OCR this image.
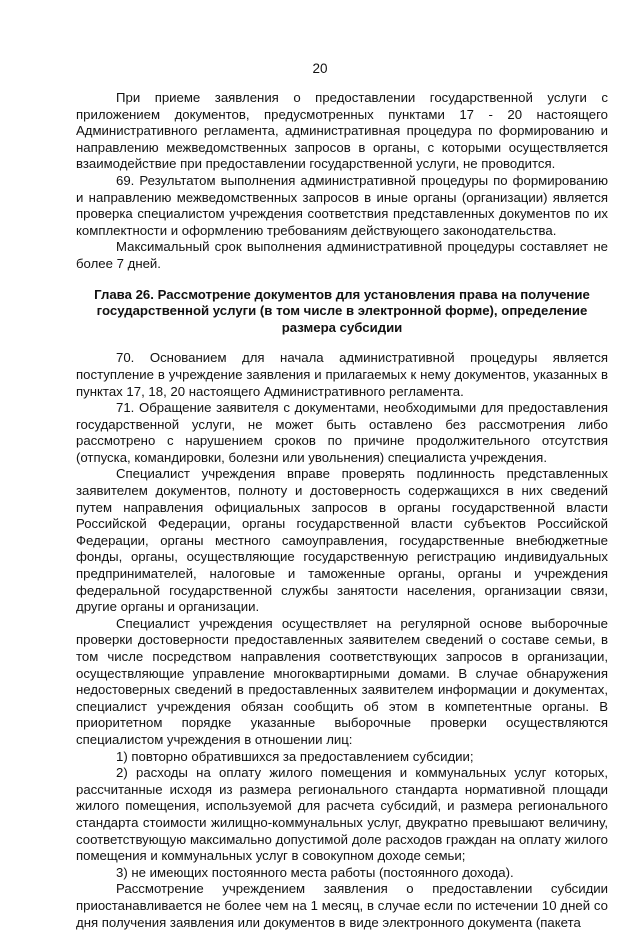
20

При приеме заявления о предоставлении государственной услуги с приложением документов, предусмотренных пунктами 17 - 20 настоящего Административного регламента, административная процедура по формированию и направлению межведомственных запросов в органы, с которыми осуществляется взаимодействие при предоставлении государственной услуги, не проводится.

69. Результатом выполнения административной процедуры по формированию и направлению межведомственных запросов в иные органы (организации) является проверка специалистом учреждения соответствия представленных документов по их комплектности и оформлению требованиям действующего законодательства.

Максимальный срок выполнения административной процедуры составляет не более 7 дней.

Глава 26. Рассмотрение документов для установления права на получение государственной услуги (в том числе в электронной форме), определение размера субсидии

70. Основанием для начала административной процедуры является поступление в учреждение заявления и прилагаемых к нему документов, указанных в пунктах 17, 18, 20 настоящего Административного регламента.

71. Обращение заявителя с документами, необходимыми для предоставления государственной услуги, не может быть оставлено без рассмотрения либо рассмотрено с нарушением сроков по причине продолжительного отсутствия (отпуска, командировки, болезни или увольнения) специалиста учреждения.

Специалист учреждения вправе проверять подлинность представленных заявителем документов, полноту и достоверность содержащихся в них сведений путем направления официальных запросов в органы государственной власти Российской Федерации, органы государственной власти субъектов Российской Федерации, органы местного самоуправления, государственные внебюджетные фонды, органы, осуществляющие государственную регистрацию индивидуальных предпринимателей, налоговые и таможенные органы, органы и учреждения федеральной государственной службы занятости населения, организации связи, другие органы и организации.

Специалист учреждения осуществляет на регулярной основе выборочные проверки достоверности предоставленных заявителем сведений о составе семьи, в том числе посредством направления соответствующих запросов в организации, осуществляющие управление многоквартирными домами. В случае обнаружения недостоверных сведений в предоставленных заявителем информации и документах, специалист учреждения обязан сообщить об этом в компетентные органы. В приоритетном порядке указанные выборочные проверки осуществляются специалистом учреждения в отношении лиц:

1) повторно обратившихся за предоставлением субсидии;

2) расходы на оплату жилого помещения и коммунальных услуг которых, рассчитанные исходя из размера регионального стандарта нормативной площади жилого помещения, используемой для расчета субсидий, и размера регионального стандарта стоимости жилищно-коммунальных услуг, двукратно превышают величину, соответствующую максимально допустимой доле расходов граждан на оплату жилого помещения и коммунальных услуг в совокупном доходе семьи;

3) не имеющих постоянного места работы (постоянного дохода).

Рассмотрение учреждением заявления о предоставлении субсидии приостанавливается не более чем на 1 месяц, в случае если по истечении 10 дней со дня получения заявления или документов в виде электронного документа (пакета
